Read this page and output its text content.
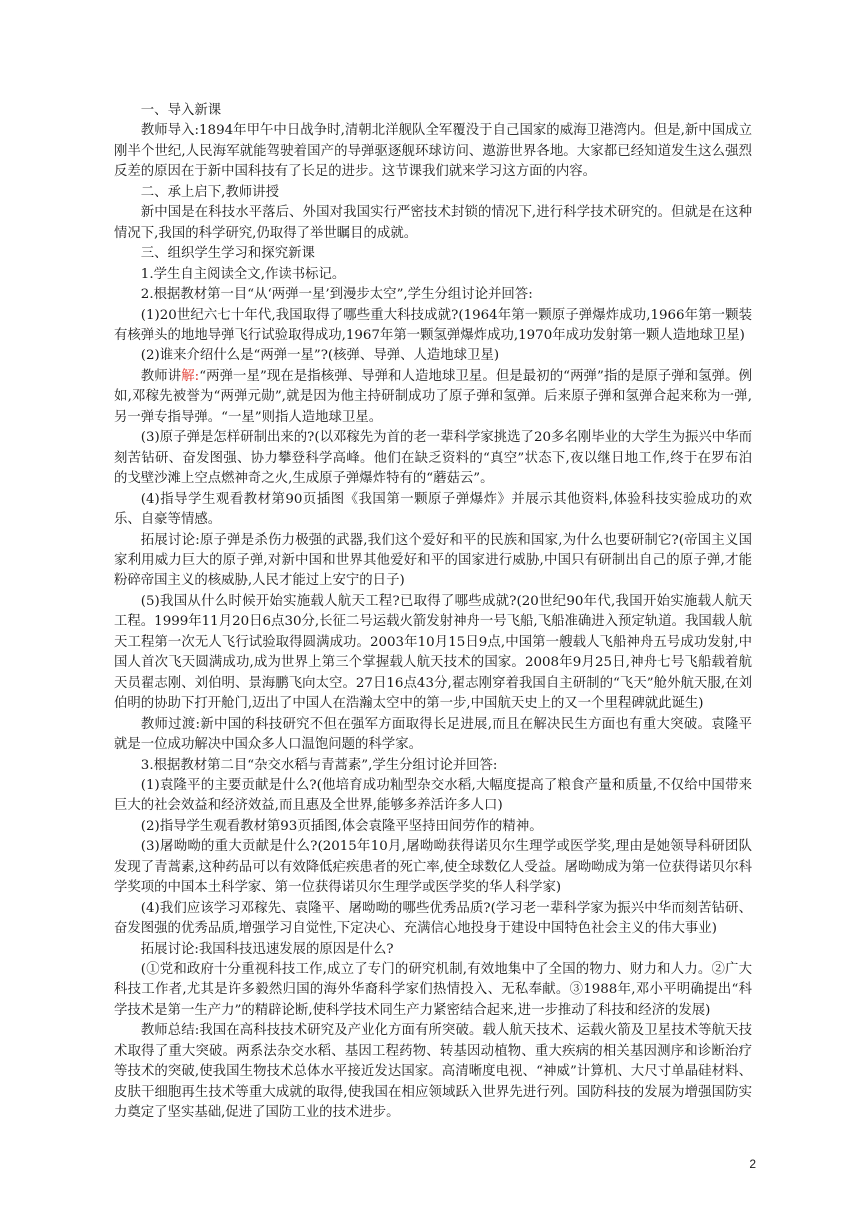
一、导入新课

教师导入:1894年甲午中日战争时,清朝北洋舰队全军覆没于自己国家的威海卫港湾内。但是,新中国成立刚半个世纪,人民海军就能驾驶着国产的导弹驱逐舰环球访问、遨游世界各地。大家都已经知道发生这么强烈反差的原因在于新中国科技有了长足的进步。这节课我们就来学习这方面的内容。

二、承上启下,教师讲授

新中国是在科技水平落后、外国对我国实行严密技术封锁的情况下,进行科学技术研究的。但就是在这种情况下,我国的科学研究,仍取得了举世瞩目的成就。

三、组织学生学习和探究新课

1.学生自主阅读全文,作读书标记。

2.根据教材第一目“从‘两弹一星’到漫步太空”,学生分组讨论并回答:

(1)20世纪六七十年代,我国取得了哪些重大科技成就?(1964年第一颗原子弹爆炸成功,1966年第一颗装有核弹头的地地导弹飞行试验取得成功,1967年第一颗氢弹爆炸成功,1970年成功发射第一颗人造地球卫星)

(2)谁来介绍什么是“两弹一星”?(核弹、导弹、人造地球卫星)

教师讲解:“两弹一星”现在是指核弹、导弹和人造地球卫星。但是最初的“两弹”指的是原子弹和氢弹。例如,邓稼先被誉为“两弹元勋”,就是因为他主持研制成功了原子弹和氢弹。后来原子弹和氢弹合起来称为一弹,另一弹专指导弹。“一星”则指人造地球卫星。

(3)原子弹是怎样研制出来的?(以邓稼先为首的老一辈科学家挑选了20多名刚毕业的大学生为振兴中华而刻苦钻研、奋发图强、协力攀登科学高峰。他们在缺乏资料的“真空”状态下,夜以继日地工作,终于在罗布泊的戈壁沙滩上空点燃神奇之火,生成原子弹爆炸特有的“蘑菇云”。

(4)指导学生观看教材第90页插图《我国第一颗原子弹爆炸》并展示其他资料,体验科技实验成功的欢乐、自豪等情感。

拓展讨论:原子弹是杀伤力极强的武器,我们这个爱好和平的民族和国家,为什么也要研制它?(帝国主义国家利用威力巨大的原子弹,对新中国和世界其他爱好和平的国家进行威胁,中国只有研制出自己的原子弹,才能粉碎帝国主义的核威胁,人民才能过上安宁的日子)

(5)我国从什么时候开始实施载人航天工程?已取得了哪些成就?(20世纪90年代,我国开始实施载人航天工程。1999年11月20日6点30分,长征二号运载火箭发射神舟一号飞船,飞船准确进入预定轨道。我国载人航天工程第一次无人飞行试验取得圆满成功。2003年10月15日9点,中国第一艘载人飞船神舟五号成功发射,中国人首次飞天圆满成功,成为世界上第三个掌握载人航天技术的国家。2008年9月25日,神舟七号飞船载着航天员翟志刚、刘伯明、景海鹏飞向太空。27日16点43分,翟志刚穿着我国自主研制的“飞天”舱外航天服,在刘伯明的协助下打开舱门,迈出了中国人在浩瀚太空中的第一步,中国航天史上的又一个里程碑就此诞生)

教师过渡:新中国的科技研究不但在强军方面取得长足进展,而且在解决民生方面也有重大突破。袁隆平就是一位成功解决中国众多人口温饱问题的科学家。

3.根据教材第二目“杂交水稻与青蒿素”,学生分组讨论并回答:

(1)袁隆平的主要贡献是什么?(他培育成功籼型杂交水稻,大幅度提高了粮食产量和质量,不仅给中国带来巨大的社会效益和经济效益,而且惠及全世界,能够多养活许多人口)

(2)指导学生观看教材第93页插图,体会袁隆平坚持田间劳作的精神。

(3)屠呦呦的重大贡献是什么?(2015年10月,屠呦呦获得诺贝尔生理学或医学奖,理由是她领导科研团队发现了青蒿素,这种药品可以有效降低疟疾患者的死亡率,使全球数亿人受益。屠呦呦成为第一位获得诺贝尔科学奖项的中国本土科学家、第一位获得诺贝尔生理学或医学奖的华人科学家)

(4)我们应该学习邓稼先、袁隆平、屠呦呦的哪些优秀品质?(学习老一辈科学家为振兴中华而刻苦钻研、奋发图强的优秀品质,增强学习自觉性,下定决心、充满信心地投身于建设中国特色社会主义的伟大事业)

拓展讨论:我国科技迅速发展的原因是什么?

(①党和政府十分重视科技工作,成立了专门的研究机制,有效地集中了全国的物力、财力和人力。②广大科技工作者,尤其是许多毅然归国的海外华裔科学家们热情投入、无私奉献。③1988年,邓小平明确提出“科学技术是第一生产力”的精辟论断,使科学技术同生产力紧密结合起来,进一步推动了科技和经济的发展)

教师总结:我国在高科技技术研究及产业化方面有所突破。载人航天技术、运载火箭及卫星技术等航天技术取得了重大突破。两系法杂交水稻、基因工程药物、转基因动植物、重大疾病的相关基因测序和诊断治疗等技术的突破,使我国生物技术总体水平接近发达国家。高清晰度电视、“神威”计算机、大尺寸单晶硅材料、皮肤干细胞再生技术等重大成就的取得,使我国在相应领域跃入世界先进行列。国防科技的发展为增强国防实力奠定了坚实基础,促进了国防工业的技术进步。

2
